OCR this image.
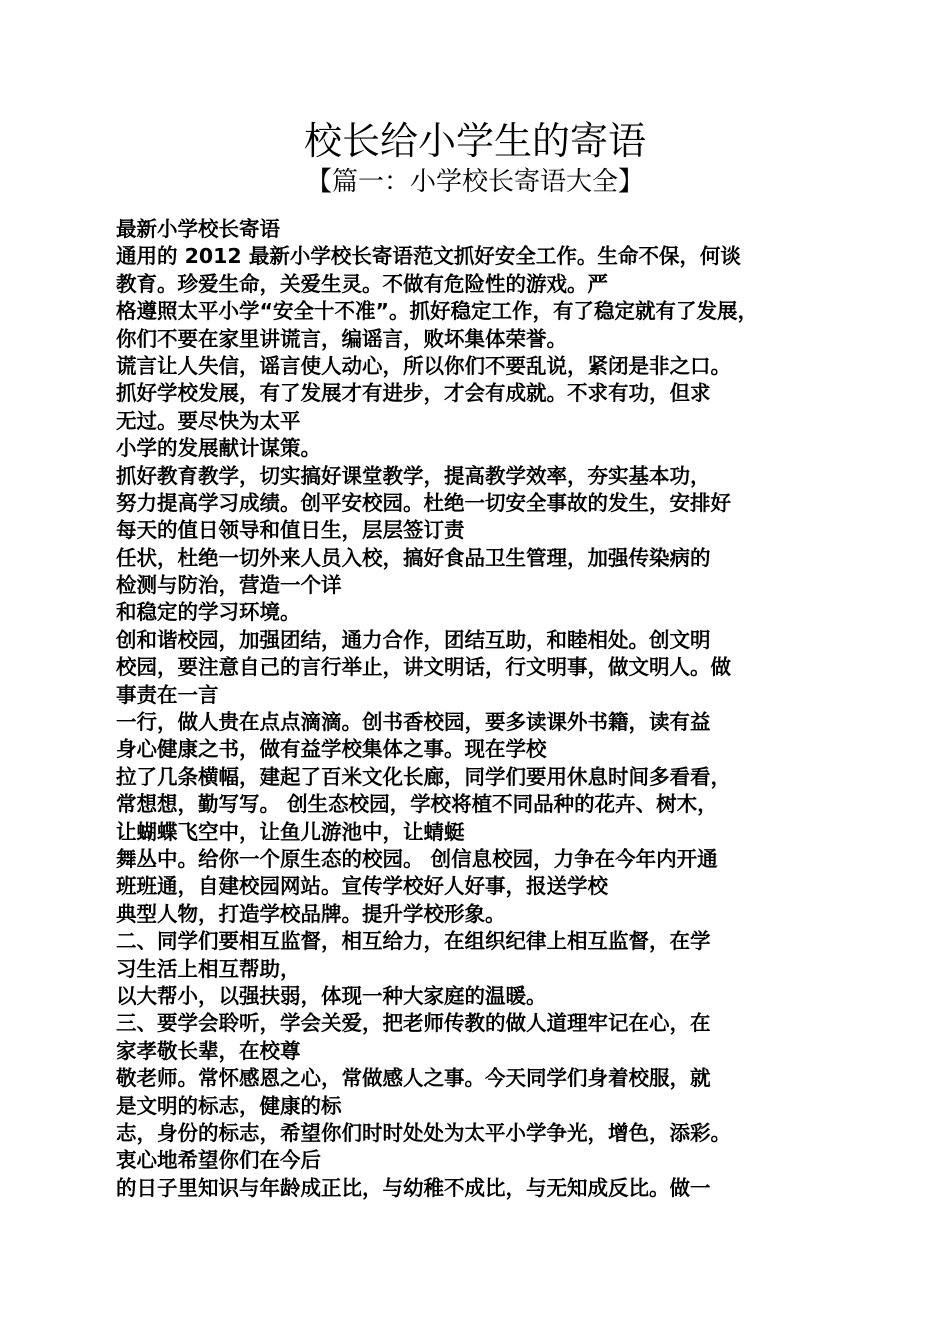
校长给小学生的寄语
【篇一：小学校长寄语大全】
最新小学校长寄语
通用的 2012 最新小学校长寄语范文抓好安全工作。生命不保，何谈
教育。珍爱生命，关爱生灵。不做有危险性的游戏。严
格遵照太平小学“安全十不准”。抓好稳定工作，有了稳定就有了发展，
你们不要在家里讲谎言，编谣言，败坏集体荣誉。
谎言让人失信，谣言使人动心，所以你们不要乱说，紧闭是非之口。
抓好学校发展，有了发展才有进步，才会有成就。不求有功，但求
无过。要尽快为太平
小学的发展献计谋策。
抓好教育教学，切实搞好课堂教学，提高教学效率，夯实基本功，
努力提高学习成绩。创平安校园。杜绝一切安全事故的发生，安排好
每天的值日领导和值日生，层层签订责
任状，杜绝一切外来人员入校，搞好食品卫生管理，加强传染病的
检测与防治，营造一个详
和稳定的学习环境。
创和谐校园，加强团结，通力合作，团结互助，和睦相处。创文明
校园，要注意自己的言行举止，讲文明话，行文明事，做文明人。做
事责在一言
一行，做人贵在点点滴滴。创书香校园，要多读课外书籍，读有益
身心健康之书，做有益学校集体之事。现在学校
拉了几条横幅，建起了百米文化长廊，同学们要用休息时间多看看，
常想想，勤写写。 创生态校园，学校将植不同品种的花卉、树木，
让蝴蝶飞空中，让鱼儿游池中，让蜻蜓
舞丛中。给你一个原生态的校园。 创信息校园，力争在今年内开通
班班通，自建校园网站。宣传学校好人好事，报送学校
典型人物，打造学校品牌。提升学校形象。
二、同学们要相互监督，相互给力，在组织纪律上相互监督，在学
习生活上相互帮助，
以大帮小，以强扶弱，体现一种大家庭的温暖。
三、要学会聆听，学会关爱，把老师传教的做人道理牢记在心，在
家孝敬长辈，在校尊
敬老师。常怀感恩之心，常做感人之事。今天同学们身着校服，就
是文明的标志，健康的标
志，身份的标志，希望你们时时处处为太平小学争光，增色，添彩。
衷心地希望你们在今后
的日子里知识与年龄成正比，与幼稚不成比，与无知成反比。做一
